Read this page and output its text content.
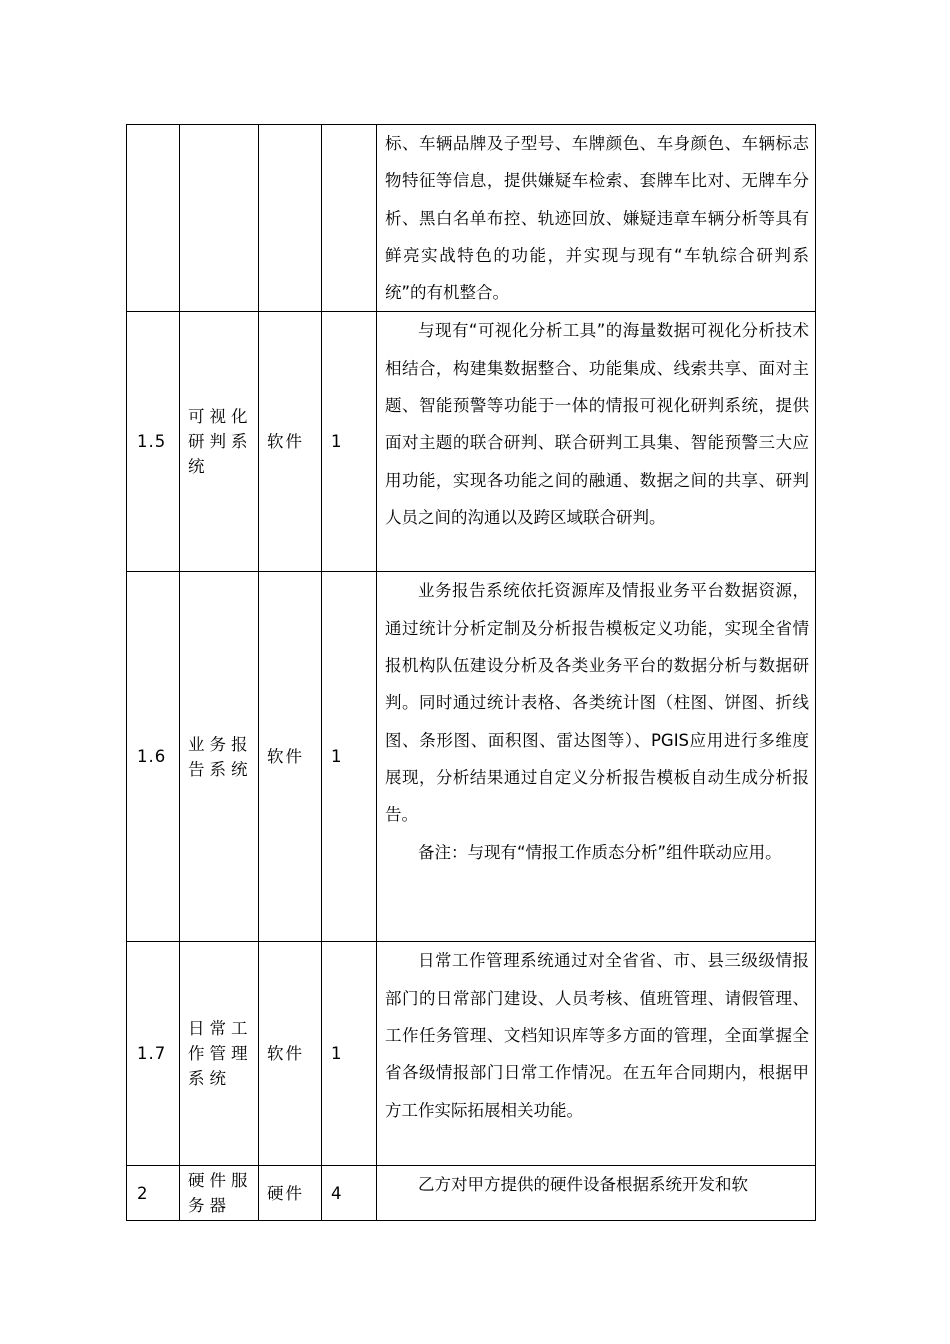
				标、车辆品牌及子型号、车牌颜色、车身颜色、车辆标志物特征等信息，提供嫌疑车检索、套牌车比对、无牌车分析、黑白名单布控、轨迹回放、嫌疑违章车辆分析等具有鲜亮实战特色的功能，并实现与现有“车轨综合研判系统”的有机整合。

1.5	可视化研判系统	软件	1	与现有“可视化分析工具”的海量数据可视化分析技术相结合，构建集数据整合、功能集成、线索共享、面对主题、智能预警等功能于一体的情报可视化研判系统，提供面对主题的联合研判、联合研判工具集、智能预警三大应用功能，实现各功能之间的融通、数据之间的共享、研判人员之间的沟通以及跨区域联合研判。

1.6	业务报告系统	软件	1	业务报告系统依托资源库及情报业务平台数据资源，通过统计分析定制及分析报告模板定义功能，实现全省情报机构队伍建设分析及各类业务平台的数据分析与数据研判。同时通过统计表格、各类统计图（柱图、饼图、折线图、条形图、面积图、雷达图等）、PGIS应用进行多维度展现，分析结果通过自定义分析报告模板自动生成分析报告。

备注：与现有“情报工作质态分析”组件联动应用。

1.7	日常工作管理系统	软件	1	日常工作管理系统通过对全省省、市、县三级级情报部门的日常部门建设、人员考核、值班管理、请假管理、工作任务管理、文档知识库等多方面的管理，全面掌握全省各级情报部门日常工作情况。在五年合同期内，根据甲方工作实际拓展相关功能。

2	硬件服务器	硬件	4	乙方对甲方提供的硬件设备根据系统开发和软
